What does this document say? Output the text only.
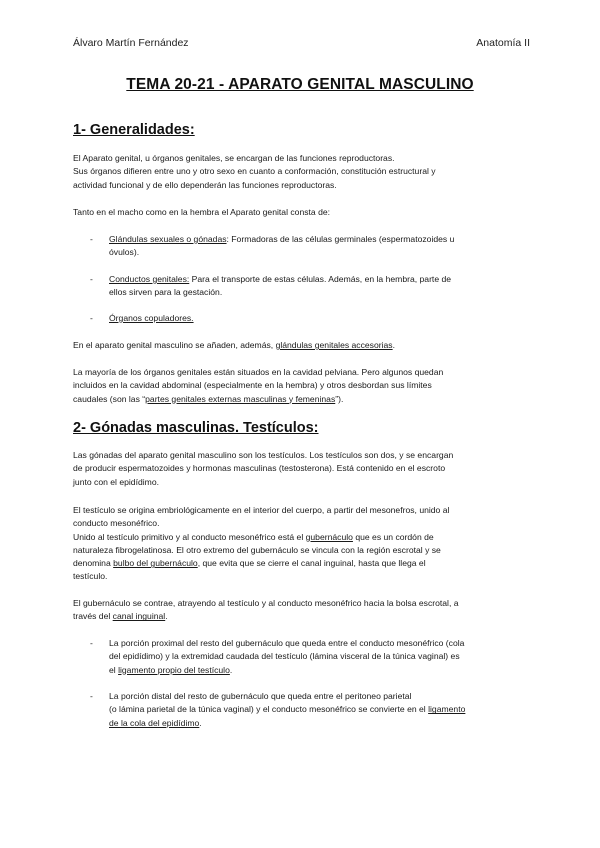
Álvaro Martín Fernández	Anatomía II
TEMA 20-21 - APARATO GENITAL MASCULINO
1- Generalidades:
El Aparato genital, u órganos genitales, se encargan de las funciones reproductoras.
Sus órganos difieren entre uno y otro sexo en cuanto a conformación, constitución estructural y
actividad funcional y de ello dependerán las funciones reproductoras.
Tanto en el macho como en la hembra el Aparato genital consta de:
- Glándulas sexuales o gónadas: Formadoras de las células germinales (espermatozoides u
óvulos).
- Conductos genitales: Para el transporte de estas células. Además, en la hembra, parte de
ellos sirven para la gestación.
- Órganos copuladores.
En el aparato genital masculino se añaden, además, glándulas genitales accesorias.
La mayoría de los órganos genitales están situados en la cavidad pelviana. Pero algunos quedan
incluidos en la cavidad abdominal (especialmente en la hembra) y otros desbordan sus límites
caudales (son las “partes genitales externas masculinas y femeninas”).
2- Gónadas masculinas. Testículos:
Las gónadas del aparato genital masculino son los testículos. Los testículos son dos, y se encargan
de producir espermatozoides y hormonas masculinas (testosterona). Está contenido en el escroto
junto con el epidídimo.
El testículo se origina embriológicamente en el interior del cuerpo, a partir del mesonefros, unido al
conducto mesonéfrico.
Unido al testículo primitivo y al conducto mesonéfrico está el gubernáculo que es un cordón de
naturaleza fibrogelatinosa. El otro extremo del gubernáculo se vincula con la región escrotal y se
denomina bulbo del gubernáculo, que evita que se cierre el canal inguinal, hasta que llega el
testículo.
El gubernáculo se contrae, atrayendo al testículo y al conducto mesonéfrico hacia la bolsa escrotal, a
través del canal inguinal.
- La porción proximal del resto del gubernáculo que queda entre el conducto mesonéfrico (cola
del epidídimo) y la extremidad caudada del testículo (lámina visceral de la túnica vaginal) es
el ligamento propio del testículo.
- La porción distal del resto de gubernáculo que queda entre el peritoneo parietal
(o lámina parietal de la túnica vaginal) y el conducto mesonéfrico se convierte en el ligamento
de la cola del epidídimo.
